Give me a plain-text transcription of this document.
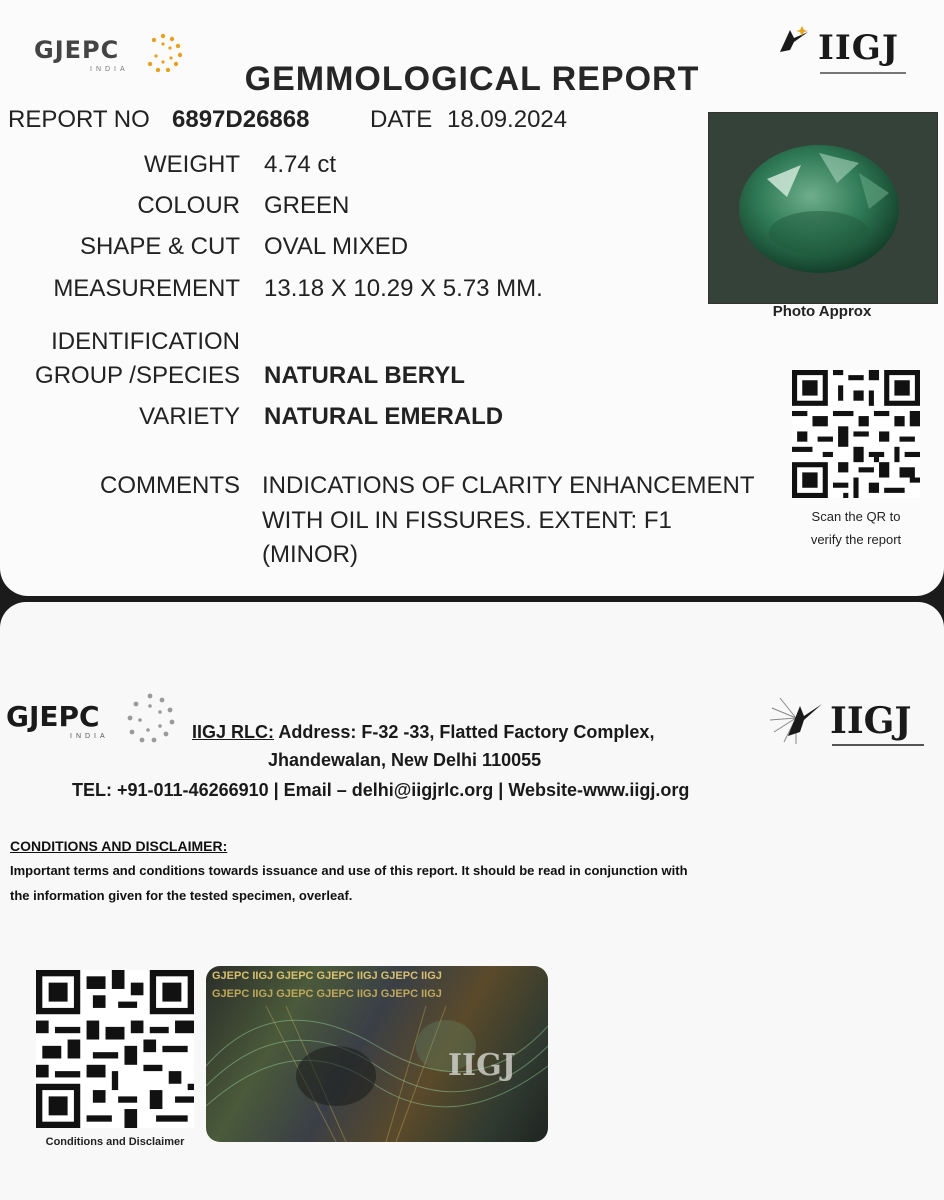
GJEPC
INDIA
IIGJ
GEMMOLOGICAL REPORT
REPORT NO 6897D26868	DATE 18.09.2024
WEIGHT 4.74 ct
COLOUR GREEN
SHAPE & CUT OVAL MIXED
MEASUREMENT 13.18 X 10.29 X 5.73 MM.
IDENTIFICATION
GROUP /SPECIES NATURAL BERYL
VARIETY NATURAL EMERALD
COMMENTS INDICATIONS OF CLARITY ENHANCEMENT
WITH OIL IN FISSURES. EXTENT: F1
(MINOR)
Photo Approx
Scan the QR to
verify the report
GJEPC
INDIA	IIGJ
IIGJ RLC: Address: F-32 -33, Flatted Factory Complex,
Jhandewalan, New Delhi 110055
TEL: +91-011-46266910 | Email – delhi@iigjrlc.org | Website-www.iigj.org
CONDITIONS AND DISCLAIMER:
Important terms and conditions towards issuance and use of this report. It should be read in conjunction with
the information given for the tested specimen, overleaf.
Conditions and Disclaimer
GJEPC IIGJ GJEPC GJEPC IIGJ GJEPC IIGJ
GJEPC IIGJ GJEPC GJEPC IIGJ GJEPC IIGJ
IIGJ
